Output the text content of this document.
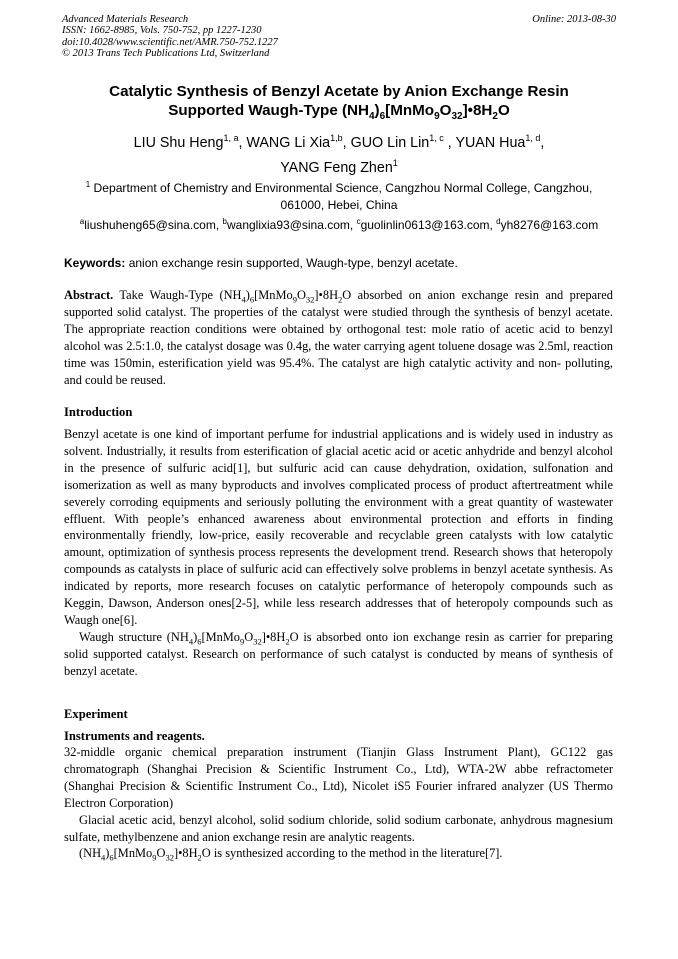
Advanced Materials Research
ISSN: 1662-8985, Vols. 750-752, pp 1227-1230
doi:10.4028/www.scientific.net/AMR.750-752.1227
© 2013 Trans Tech Publications Ltd, Switzerland
Online: 2013-08-30
Catalytic Synthesis of Benzyl Acetate by Anion Exchange Resin
Supported Waugh-Type $(NH_4)_6[MnMo_9O_{32}]•8H_2O$
LIU Shu Heng$^{1, a}$, WANG Li Xia$^{1,b}$, GUO Lin Lin$^{1, c}$ , YUAN Hua$^{1, d}$,
YANG Feng Zhen$^1$
$^1$ Department of Chemistry and Environmental Science, Cangzhou Normal College, Cangzhou,
061000, Hebei, China
$^a$liushuheng65@sina.com, $^b$wanglixia93@sina.com, $^c$guolinlin0613@163.com, $^d$yh8276@163.com
Keywords: anion exchange resin supported, Waugh-type, benzyl acetate.

Abstract. Take Waugh-Type $(NH_4)_6[MnMo_9O_{32}]•8H_2O$ absorbed on anion exchange resin and prepared supported solid catalyst. The properties of the catalyst were studied through the synthesis of benzyl acetate. The appropriate reaction conditions were obtained by orthogonal test: mole ratio of acetic acid to benzyl alcohol was 2.5:1.0, the catalyst dosage was 0.4g, the water carrying agent toluene dosage was 2.5ml, reaction time was 150min, esterification yield was 95.4%. The catalyst are high catalytic activity and non- polluting, and could be reused.

Introduction

Benzyl acetate is one kind of important perfume for industrial applications and is widely used in industry as solvent. Industrially, it results from esterification of glacial acetic acid or acetic anhydride and benzyl alcohol in the presence of sulfuric acid[1], but sulfuric acid can cause dehydration, oxidation, sulfonation and isomerization as well as many byproducts and involves complicated process of product aftertreatment while severely corroding equipments and seriously polluting the environment with a great quantity of wastewater effluent. With people’s enhanced awareness about environmental protection and efforts in finding environmentally friendly, low-price, easily recoverable and recyclable green catalysts with low catalytic amount, optimization of synthesis process represents the development trend. Research shows that heteropoly compounds as catalysts in place of sulfuric acid can effectively solve problems in benzyl acetate synthesis. As indicated by reports, more research focuses on catalytic performance of heteropoly compounds such as Keggin, Dawson, Anderson ones[2-5], while less research addresses that of heteropoly compounds such as Waugh one[6].

Waugh structure $(NH_4)_6[MnMo_9O_{32}]•8H_2O$ is absorbed onto ion exchange resin as carrier for preparing solid supported catalyst. Research on performance of such catalyst is conducted by means of synthesis of benzyl acetate.

Experiment
Instruments and reagents.

32-middle organic chemical preparation instrument (Tianjin Glass Instrument Plant), GC122 gas chromatograph (Shanghai Precision & Scientific Instrument Co., Ltd), WTA-2W abbe refractometer (Shanghai Precision & Scientific Instrument Co., Ltd), Nicolet iS5 Fourier infrared analyzer (US Thermo Electron Corporation)

Glacial acetic acid, benzyl alcohol, solid sodium chloride, solid sodium carbonate, anhydrous magnesium sulfate, methylbenzene and anion exchange resin are analytic reagents.

$(NH_4)_6[MnMo_9O_{32}]•8H_2O$ is synthesized according to the method in the literature[7].
